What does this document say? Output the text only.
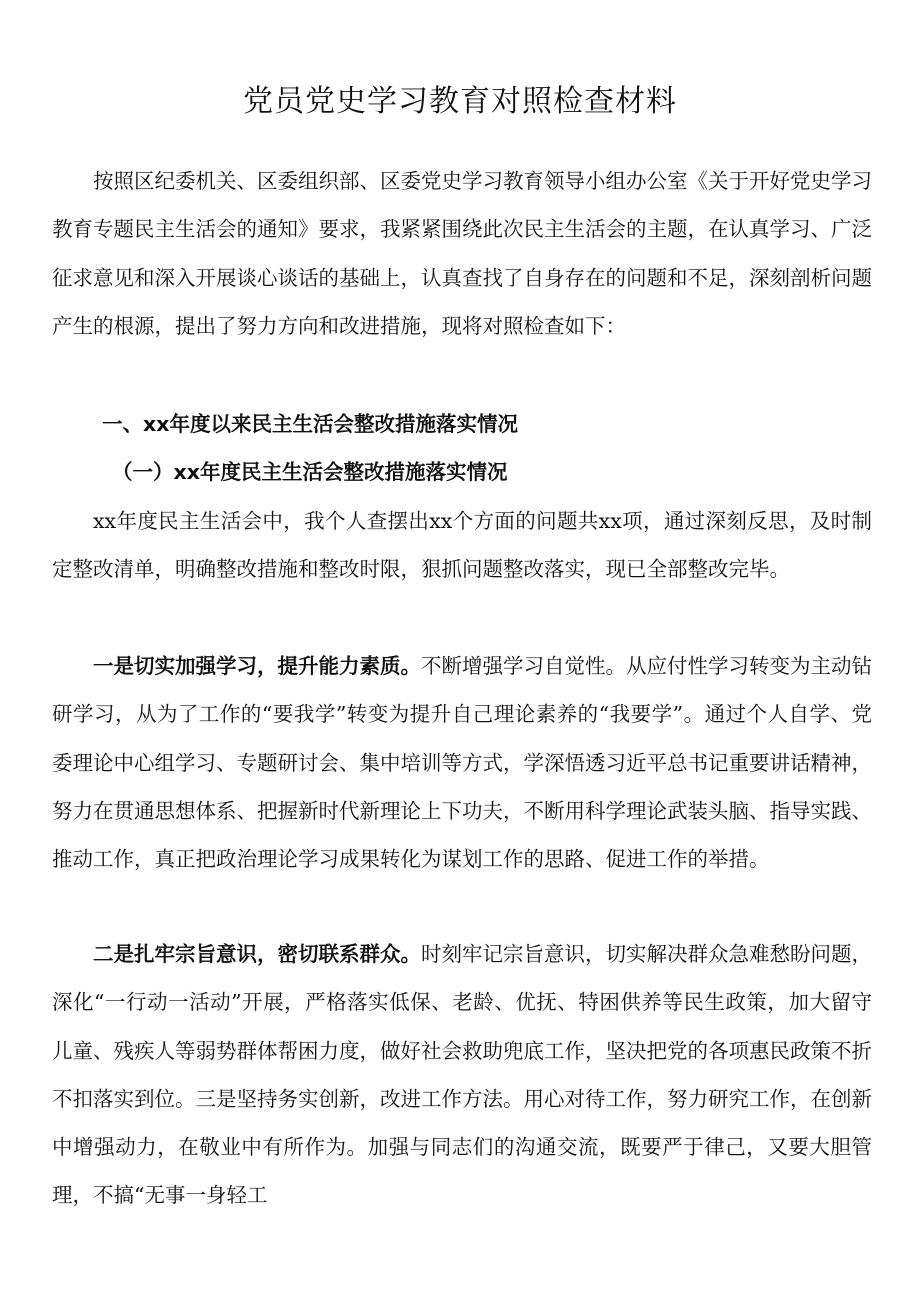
党员党史学习教育对照检查材料

按照区纪委机关、区委组织部、区委党史学习教育领导小组办公室《关于开好党史学习教育专题民主生活会的通知》要求，我紧紧围绕此次民主生活会的主题，在认真学习、广泛征求意见和深入开展谈心谈话的基础上，认真查找了自身存在的问题和不足，深刻剖析问题产生的根源，提出了努力方向和改进措施，现将对照检查如下：

一、xx年度以来民主生活会整改措施落实情况

（一）xx年度民主生活会整改措施落实情况

xx年度民主生活会中，我个人查摆出xx个方面的问题共xx项，通过深刻反思，及时制定整改清单，明确整改措施和整改时限，狠抓问题整改落实，现已全部整改完毕。

一是切实加强学习，提升能力素质。不断增强学习自觉性。从应付性学习转变为主动钻研学习，从为了工作的“要我学”转变为提升自己理论素养的“我要学”。通过个人自学、党委理论中心组学习、专题研讨会、集中培训等方式，学深悟透习近平总书记重要讲话精神，努力在贯通思想体系、把握新时代新理论上下功夫，不断用科学理论武装头脑、指导实践、推动工作，真正把政治理论学习成果转化为谋划工作的思路、促进工作的举措。

二是扎牢宗旨意识，密切联系群众。时刻牢记宗旨意识，切实解决群众急难愁盼问题，深化“一行动一活动”开展，严格落实低保、老龄、优抚、特困供养等民生政策，加大留守儿童、残疾人等弱势群体帮困力度，做好社会救助兜底工作，坚决把党的各项惠民政策不折不扣落实到位。三是坚持务实创新，改进工作方法。用心对待工作，努力研究工作，在创新中增强动力，在敬业中有所作为。加强与同志们的沟通交流，既要严于律己，又要大胆管理，不搞“无事一身轻工
